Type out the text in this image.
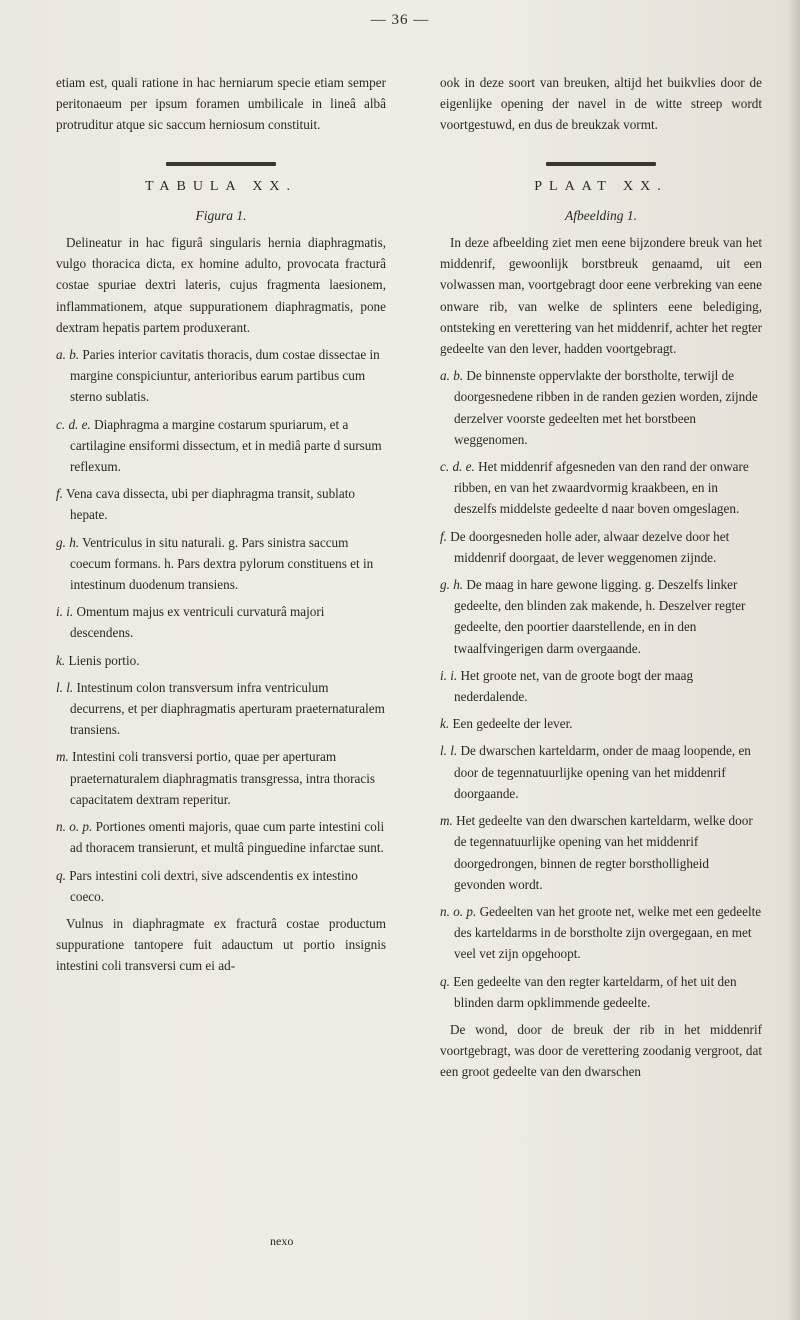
— 36 —

etiam est, quali ratione in hac herniarum specie etiam semper peritonaeum per ipsum foramen umbilicale in lineâ albâ protruditur atque sic saccum herniosum constituit.

TABULA XX.
Figura 1.

Delineatur in hac figurâ singularis hernia diaphragmatis, vulgo thoracica dicta, ex homine adulto, provocata fracturâ costae spuriae dextri lateris, cujus fragmenta laesionem, inflammationem, atque suppurationem diaphragmatis, pone dextram hepatis partem produxerant.

a. b. Paries interior cavitatis thoracis, dum costae dissectae in margine conspiciuntur, anterioribus earum partibus cum sterno sublatis.
c. d. e. Diaphragma a margine costarum spuriarum, et a cartilagine ensiformi dissectum, et in mediâ parte d sursum reflexum.
f. Vena cava dissecta, ubi per diaphragma transit, sublato hepate.
g. h. Ventriculus in situ naturali. g. Pars sinistra saccum coecum formans. h. Pars dextra pylorum constituens et in intestinum duodenum transiens.
i. i. Omentum majus ex ventriculi curvaturâ majori descendens.
k. Lienis portio.
l. l. Intestinum colon transversum infra ventriculum decurrens, et per diaphragmatis aperturam praeternaturalem transiens.
m. Intestini coli transversi portio, quae per aperturam praeternaturalem diaphragmatis transgressa, intra thoracis capacitatem dextram reperitur.
n. o. p. Portiones omenti majoris, quae cum parte intestini coli ad thoracem transierunt, et multâ pinguedine infarctae sunt.
q. Pars intestini coli dextri, sive adscendentis ex intestino coeco.

Vulnus in diaphragmate ex fracturâ costae productum suppuratione tantopere fuit adauctum ut portio insignis intestini coli transversi cum ei ad-

nexo

ook in deze soort van breuken, altijd het buikvlies door de eigenlijke opening der navel in de witte streep wordt voortgestuwd, en dus de breukzak vormt.

PLAAT XX.
Afbeelding 1.

In deze afbeelding ziet men eene bijzondere breuk van het middenrif, gewoonlijk borstbreuk genaamd, uit een volwassen man, voortgebragt door eene verbreking van eene onware rib, van welke de splinters eene belediging, ontsteking en verettering van het middenrif, achter het regter gedeelte van den lever, hadden voortgebragt.

a. b. De binnenste oppervlakte der borstholte, terwijl de doorgesnedene ribben in de randen gezien worden, zijnde derzelver voorste gedeelten met het borstbeen weggenomen.
c. d. e. Het middenrif afgesneden van den rand der onware ribben, en van het zwaardvormig kraakbeen, en in deszelfs middelste gedeelte d naar boven omgeslagen.
f. De doorgesneden holle ader, alwaar dezelve door het middenrif doorgaat, de lever weggenomen zijnde.
g. h. De maag in hare gewone ligging. g. Deszelfs linker gedeelte, den blinden zak makende, h. Deszelver regter gedeelte, den poortier daarstellende, en in den twaalfvingerigen darm overgaande.
i. i. Het groote net, van de groote bogt der maag nederdalende.
k. Een gedeelte der lever.
l. l. De dwarschen karteldarm, onder de maag loopende, en door de tegennatuurlijke opening van het middenrif doorgaande.
m. Het gedeelte van den dwarschen karteldarm, welke door de tegennatuurlijke opening van het middenrif doorgedrongen, binnen de regter borstholligheid gevonden wordt.
n. o. p. Gedeelten van het groote net, welke met een gedeelte des karteldarms in de borstholte zijn overgegaan, en met veel vet zijn opgehoopt.
q. Een gedeelte van den regter karteldarm, of het uit den blinden darm opklimmende gedeelte.

De wond, door de breuk der rib in het middenrif voortgebragt, was door de verettering zoodanig vergroot, dat een groot gedeelte van den dwarschen
